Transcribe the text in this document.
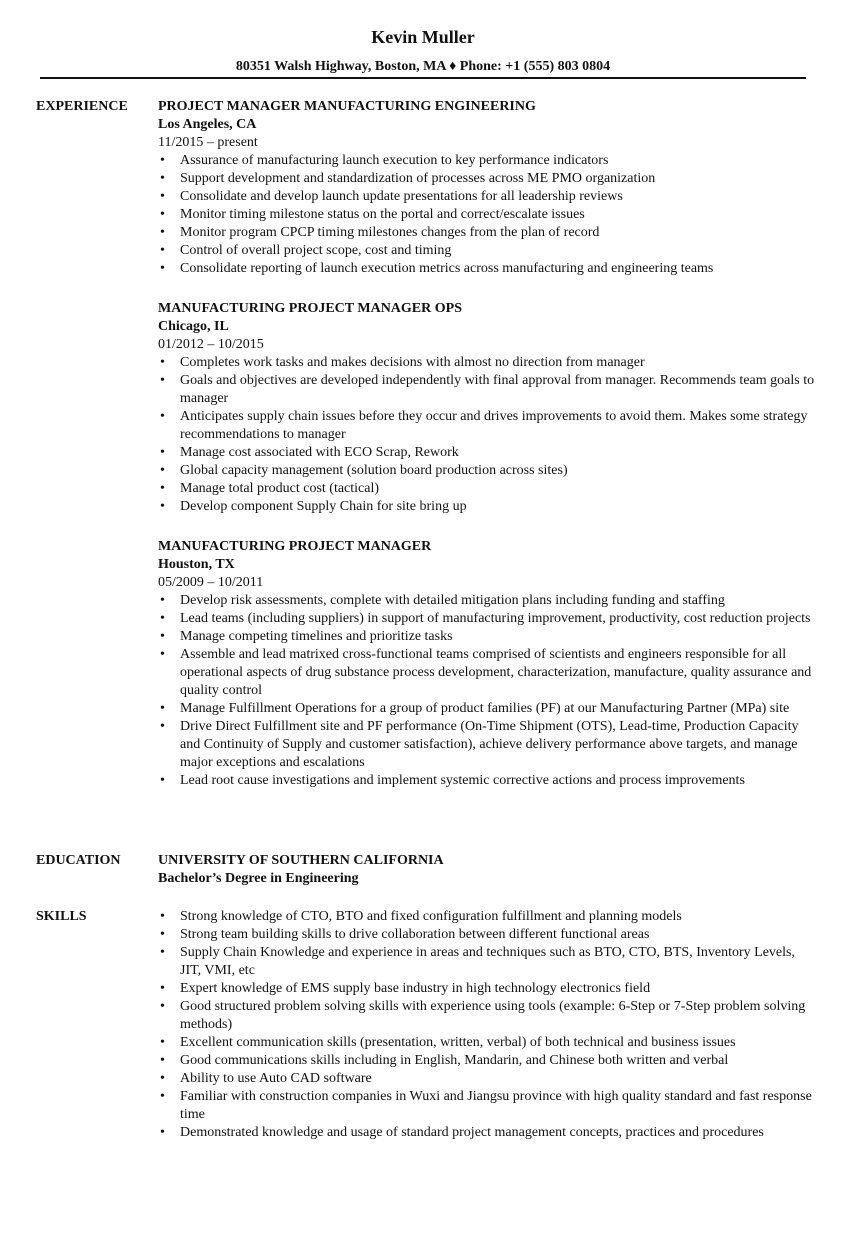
Kevin Muller
80351 Walsh Highway, Boston, MA ♦ Phone: +1 (555) 803 0804
EXPERIENCE PROJECT MANAGER MANUFACTURING ENGINEERING
Los Angeles, CA
11/2015 – present
• Assurance of manufacturing launch execution to key performance indicators
• Support development and standardization of processes across ME PMO organization
• Consolidate and develop launch update presentations for all leadership reviews
• Monitor timing milestone status on the portal and correct/escalate issues
• Monitor program CPCP timing milestones changes from the plan of record
• Control of overall project scope, cost and timing
• Consolidate reporting of launch execution metrics across manufacturing and engineering teams
MANUFACTURING PROJECT MANAGER OPS
Chicago, IL
01/2012 – 10/2015
• Completes work tasks and makes decisions with almost no direction from manager
• Goals and objectives are developed independently with final approval from manager. Recommends team goals to manager
• Anticipates supply chain issues before they occur and drives improvements to avoid them. Makes some strategy recommendations to manager
• Manage cost associated with ECO Scrap, Rework
• Global capacity management (solution board production across sites)
• Manage total product cost (tactical)
• Develop component Supply Chain for site bring up
MANUFACTURING PROJECT MANAGER
Houston, TX
05/2009 – 10/2011
• Develop risk assessments, complete with detailed mitigation plans including funding and staffing
• Lead teams (including suppliers) in support of manufacturing improvement, productivity, cost reduction projects
• Manage competing timelines and prioritize tasks
• Assemble and lead matrixed cross-functional teams comprised of scientists and engineers responsible for all operational aspects of drug substance process development, characterization, manufacture, quality assurance and quality control
• Manage Fulfillment Operations for a group of product families (PF) at our Manufacturing Partner (MPa) site
• Drive Direct Fulfillment site and PF performance (On-Time Shipment (OTS), Lead-time, Production Capacity and Continuity of Supply and customer satisfaction), achieve delivery performance above targets, and manage major exceptions and escalations
• Lead root cause investigations and implement systemic corrective actions and process improvements
EDUCATION	UNIVERSITY OF SOUTHERN CALIFORNIA
Bachelor’s Degree in Engineering
SKILLS
•	Strong knowledge of CTO, BTO and fixed configuration fulfillment and planning models
• Strong team building skills to drive collaboration between different functional areas
• Supply Chain Knowledge and experience in areas and techniques such as BTO, CTO, BTS, Inventory Levels, JIT, VMI, etc
• Expert knowledge of EMS supply base industry in high technology electronics field
• Good structured problem solving skills with experience using tools (example: 6-Step or 7-Step problem solving methods)
• Excellent communication skills (presentation, written, verbal) of both technical and business issues
• Good communications skills including in English, Mandarin, and Chinese both written and verbal
• Ability to use Auto CAD software
• Familiar with construction companies in Wuxi and Jiangsu province with high quality standard and fast response time
• Demonstrated knowledge and usage of standard project management concepts, practices and procedures
